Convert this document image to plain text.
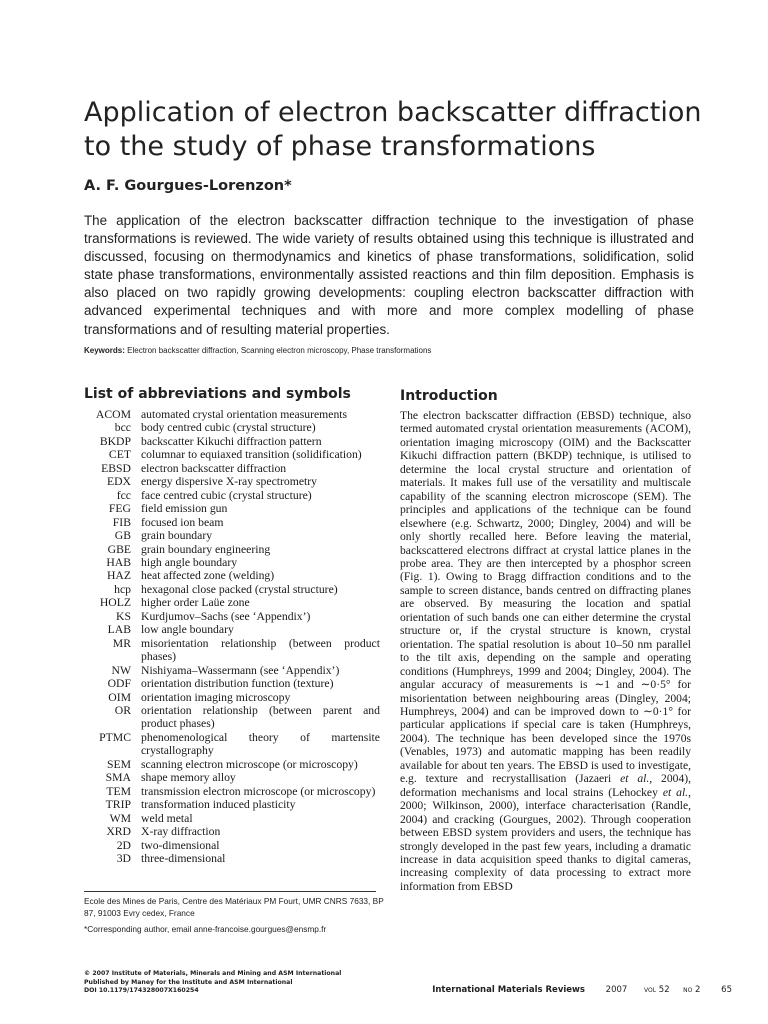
Application of electron backscatter diffraction to the study of phase transformations

A. F. Gourgues-Lorenzon*

The application of the electron backscatter diffraction technique to the investigation of phase transformations is reviewed. The wide variety of results obtained using this technique is illustrated and discussed, focusing on thermodynamics and kinetics of phase transformations, solidification, solid state phase transformations, environmentally assisted reactions and thin film deposition. Emphasis is also placed on two rapidly growing developments: coupling electron backscatter diffraction with advanced experimental techniques and with more and more complex modelling of phase transformations and of resulting material properties.

Keywords: Electron backscatter diffraction, Scanning electron microscopy, Phase transformations

List of abbreviations and symbols
ACOM automated crystal orientation measurements
bcc body centred cubic (crystal structure)
BKDP backscatter Kikuchi diffraction pattern
CET columnar to equiaxed transition (solidification)
EBSD electron backscatter diffraction
EDX energy dispersive X-ray spectrometry
fcc face centred cubic (crystal structure)
FEG field emission gun
FIB focused ion beam
GB grain boundary
GBE grain boundary engineering
HAB high angle boundary
HAZ heat affected zone (welding)
hcp hexagonal close packed (crystal structure)
HOLZ higher order Laüe zone
KS Kurdjumov–Sachs (see ‘Appendix’)
LAB low angle boundary
MR misorientation relationship (between product phases)
NW Nishiyama–Wassermann (see ‘Appendix’)
ODF orientation distribution function (texture)
OIM orientation imaging microscopy
OR orientation relationship (between parent and product phases)
PTMC phenomenological theory of martensite crystallography
SEM scanning electron microscope (or microscopy)
SMA shape memory alloy
TEM transmission electron microscope (or microscopy)
TRIP transformation induced plasticity
WM weld metal
XRD X-ray diffraction
2D two-dimensional
3D three-dimensional

Ecole des Mines de Paris, Centre des Matériaux PM Fourt, UMR CNRS 7633, BP 87, 91003 Evry cedex, France

*Corresponding author, email anne-francoise.gourgues@ensmp.fr

Introduction

The electron backscatter diffraction (EBSD) technique, also termed automated crystal orientation measurements (ACOM), orientation imaging microscopy (OIM) and the Backscatter Kikuchi diffraction pattern (BKDP) technique, is utilised to determine the local crystal structure and orientation of materials. It makes full use of the versatility and multiscale capability of the scanning electron microscope (SEM). The principles and applications of the technique can be found elsewhere (e.g. Schwartz, 2000; Dingley, 2004) and will be only shortly recalled here. Before leaving the material, backscattered electrons diffract at crystal lattice planes in the probe area. They are then intercepted by a phosphor screen (Fig. 1). Owing to Bragg diffraction conditions and to the sample to screen distance, bands centred on diffracting planes are observed. By measuring the location and spatial orientation of such bands one can either determine the crystal structure or, if the crystal structure is known, crystal orientation. The spatial resolution is about 10–50 nm parallel to the tilt axis, depending on the sample and operating conditions (Humphreys, 1999 and 2004; Dingley, 2004). The angular accuracy of measurements is ∼1 and ∼0·5° for misorientation between neighbouring areas (Dingley, 2004; Humphreys, 2004) and can be improved down to ∼0·1° for particular applications if special care is taken (Humphreys, 2004). The technique has been developed since the 1970s (Venables, 1973) and automatic mapping has been readily available for about ten years. The EBSD is used to investigate, e.g. texture and recrystallisation (Jazaeri et al., 2004), deformation mechanisms and local strains (Lehockey et al., 2000; Wilkinson, 2000), interface characterisation (Randle, 2004) and cracking (Gourgues, 2002). Through cooperation between EBSD system providers and users, the technique has strongly developed in the past few years, including a dramatic increase in data acquisition speed thanks to digital cameras, increasing complexity of data processing to extract more information from EBSD

© 2007 Institute of Materials, Minerals and Mining and ASM International
Published by Maney for the Institute and ASM International
DOI 10.1179/174328007X160254	International Materials Reviews 2007	VOL 52 NO 2 65
